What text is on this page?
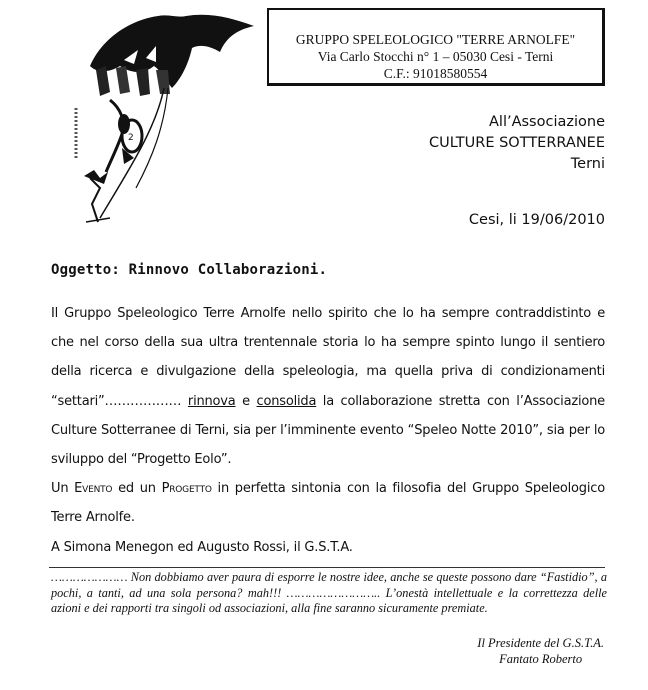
2
GRUPPO SPELEOLOGICO "TERRE ARNOLFE"
Via Carlo Stocchi n° 1 – 05030 Cesi - Terni
C.F.: 91018580554
All’Associazione
CULTURE SOTTERRANEE
Terni
Cesi, li 19/06/2010
Oggetto: Rinnovo Collaborazioni.

Il Gruppo Speleologico Terre Arnolfe nello spirito che lo ha sempre contraddistinto e che nel corso della sua ultra trentennale storia lo ha sempre spinto lungo il sentiero della ricerca e divulgazione della speleologia, ma quella priva di condizionamenti “settari”……………… rinnova e consolida la collaborazione stretta con l’Associazione Culture Sotterranee di Terni, sia per l’imminente evento “Speleo Notte 2010”, sia per lo sviluppo del “Progetto Eolo”.

Un Evento ed un Progetto in perfetta sintonia con la filosofia del Gruppo Speleologico Terre Arnolfe.

A Simona Menegon ed Augusto Rossi, il G.S.T.A.

………………… Non dobbiamo aver paura di esporre le nostre idee, anche se queste possono dare “Fastidio”, a pochi, a tanti, ad una sola persona? mah!!! …………………….. L’onestà intellettuale e la correttezza delle azioni e dei rapporti tra singoli od associazioni, alla fine saranno sicuramente premiate.
Il Presidente del G.S.T.A.
Fantato Roberto
